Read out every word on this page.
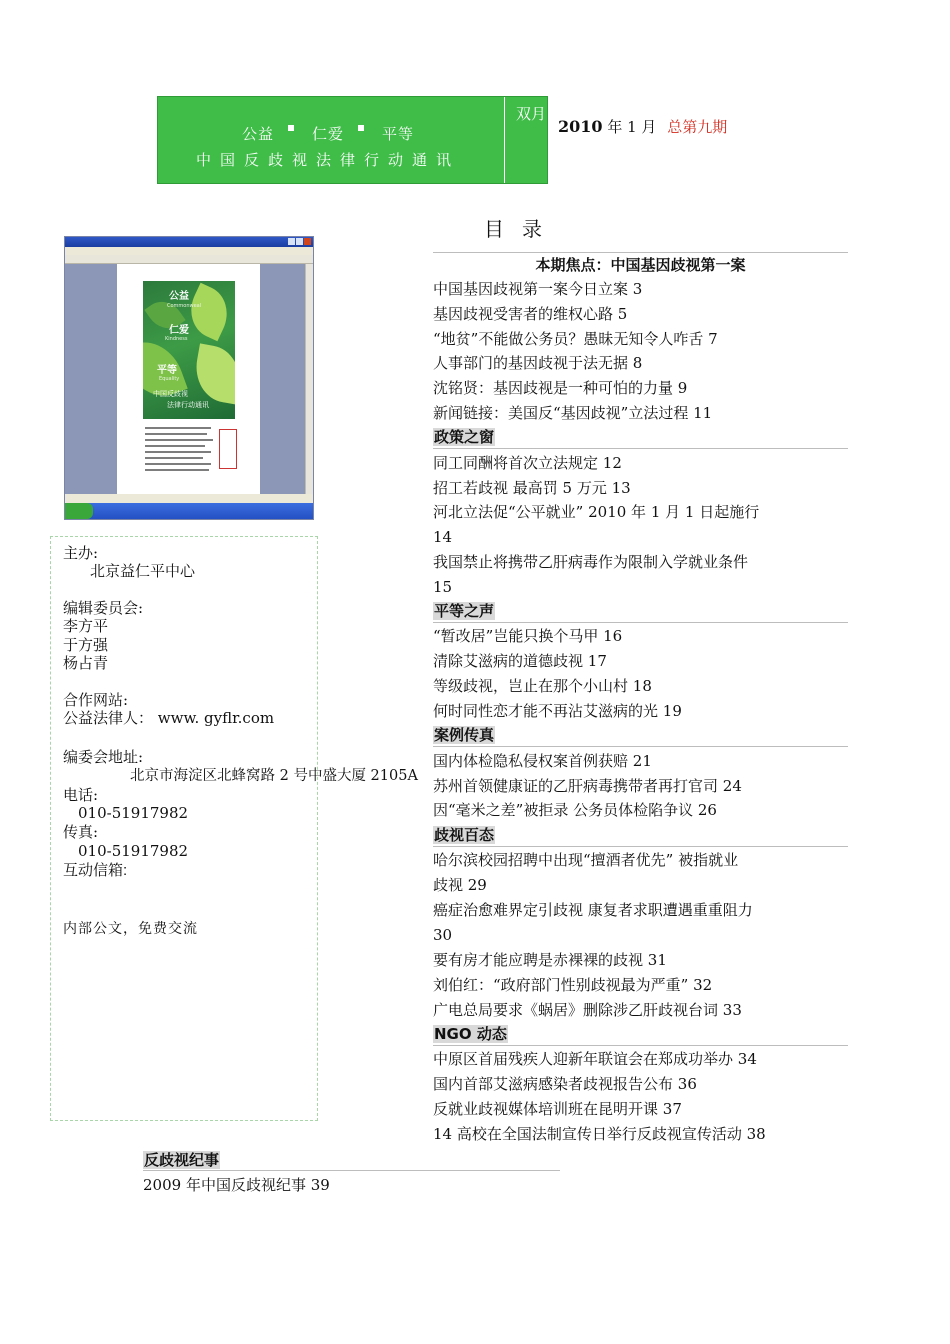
公益	仁爱	平等
中国反歧视法律行动通讯
双月
2010 年 1 月 总第九期
目录
公益
Commonweal
仁爱
Kindness
平等
Equality
中国反歧视
法律行动通讯
主办:
北京益仁平中心
编辑委员会:
李方平
于方强
杨占青
合作网站:
公益法律人： www. gyflr.com
编委会地址:
北京市海淀区北蜂窝路 2 号中盛大厦 2105A
电话:
010-51917982
传真:
010-51917982
互动信箱:
内部公文，免费交流
本期焦点：中国基因歧视第一案
中国基因歧视第一案今日立案 3
基因歧视受害者的维权心路 5
“地贫”不能做公务员？愚昧无知令人咋舌 7
人事部门的基因歧视于法无据 8
沈铭贤：基因歧视是一种可怕的力量 9
新闻链接：美国反“基因歧视”立法过程 11
政策之窗
同工同酬将首次立法规定 12
招工若歧视 最高罚 5 万元 13
河北立法促“公平就业” 2010 年 1 月 1 日起施行
14
我国禁止将携带乙肝病毒作为限制入学就业条件
15
平等之声
“暂改居”岂能只换个马甲 16
清除艾滋病的道德歧视 17
等级歧视，岂止在那个小山村 18
何时同性恋才能不再沾艾滋病的光 19
案例传真
国内体检隐私侵权案首例获赔 21
苏州首领健康证的乙肝病毒携带者再打官司 24
因“毫米之差”被拒录 公务员体检陷争议 26
歧视百态
哈尔滨校园招聘中出现“擅酒者优先” 被指就业
歧视 29
癌症治愈难界定引歧视 康复者求职遭遇重重阻力
30
要有房才能应聘是赤裸裸的歧视 31
刘伯红：“政府部门性别歧视最为严重” 32
广电总局要求《蜗居》删除涉乙肝歧视台词 33
NGO 动态
中原区首届残疾人迎新年联谊会在郑成功举办 34
国内首部艾滋病感染者歧视报告公布 36
反就业歧视媒体培训班在昆明开课 37
14 高校在全国法制宣传日举行反歧视宣传活动 38
反歧视纪事
2009 年中国反歧视纪事 39
